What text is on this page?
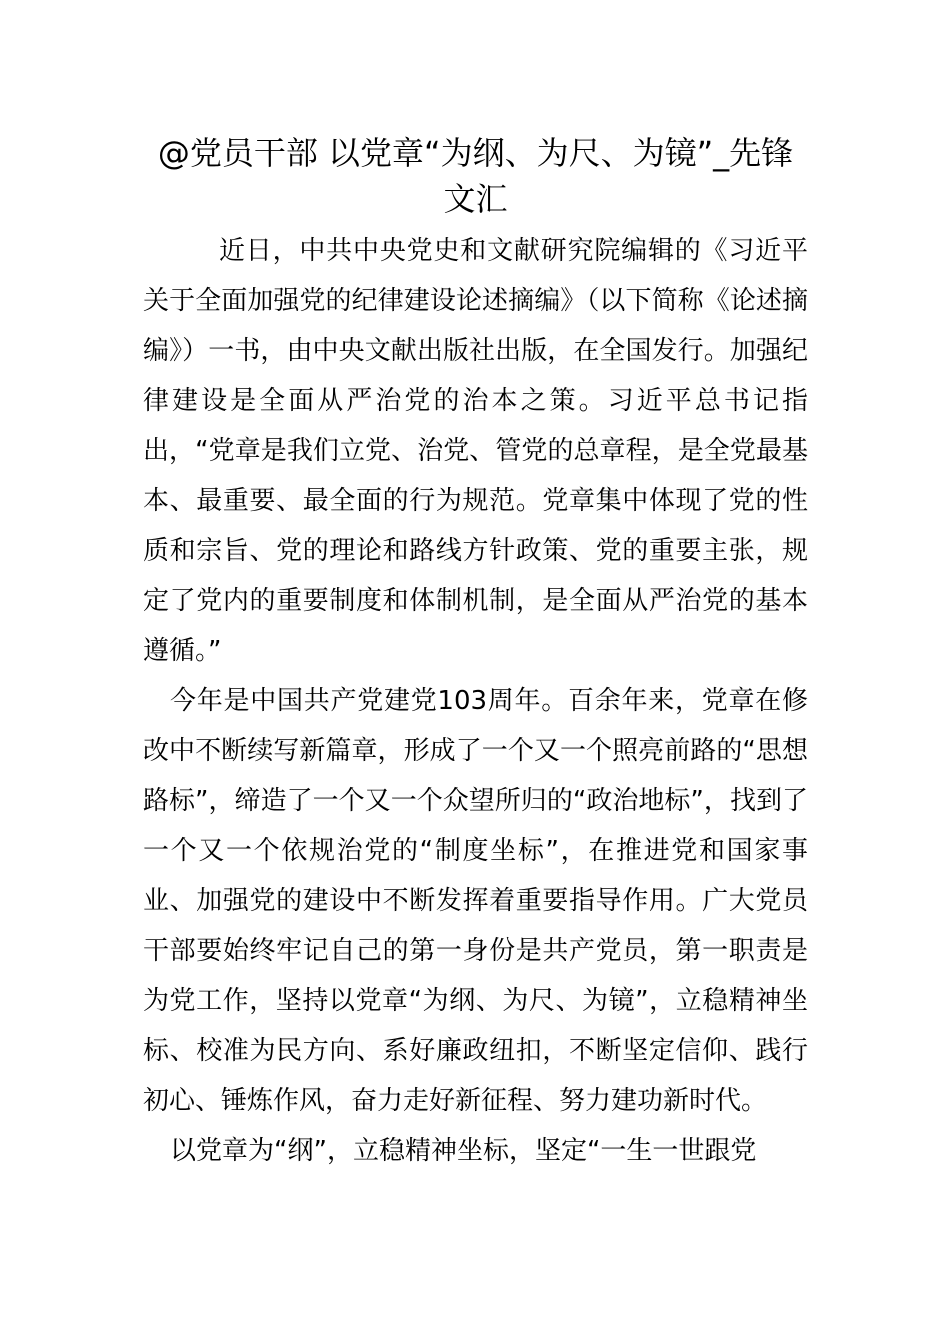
@党员干部 以党章“为纲、为尺、为镜”_先锋文汇

近日，中共中央党史和文献研究院编辑的《习近平关于全面加强党的纪律建设论述摘编》（以下简称《论述摘编》）一书，由中央文献出版社出版，在全国发行。加强纪律建设是全面从严治党的治本之策。习近平总书记指出，“党章是我们立党、治党、管党的总章程，是全党最基本、最重要、最全面的行为规范。党章集中体现了党的性质和宗旨、党的理论和路线方针政策、党的重要主张，规定了党内的重要制度和体制机制，是全面从严治党的基本遵循。”

今年是中国共产党建党103周年。百余年来，党章在修改中不断续写新篇章，形成了一个又一个照亮前路的“思想路标”，缔造了一个又一个众望所归的“政治地标”，找到了一个又一个依规治党的“制度坐标”，在推进党和国家事业、加强党的建设中不断发挥着重要指导作用。广大党员干部要始终牢记自己的第一身份是共产党员，第一职责是为党工作，坚持以党章“为纲、为尺、为镜”，立稳精神坐标、校准为民方向、系好廉政纽扣，不断坚定信仰、践行初心、锤炼作风，奋力走好新征程、努力建功新时代。

以党章为“纲”，立稳精神坐标，坚定“一生一世跟党
